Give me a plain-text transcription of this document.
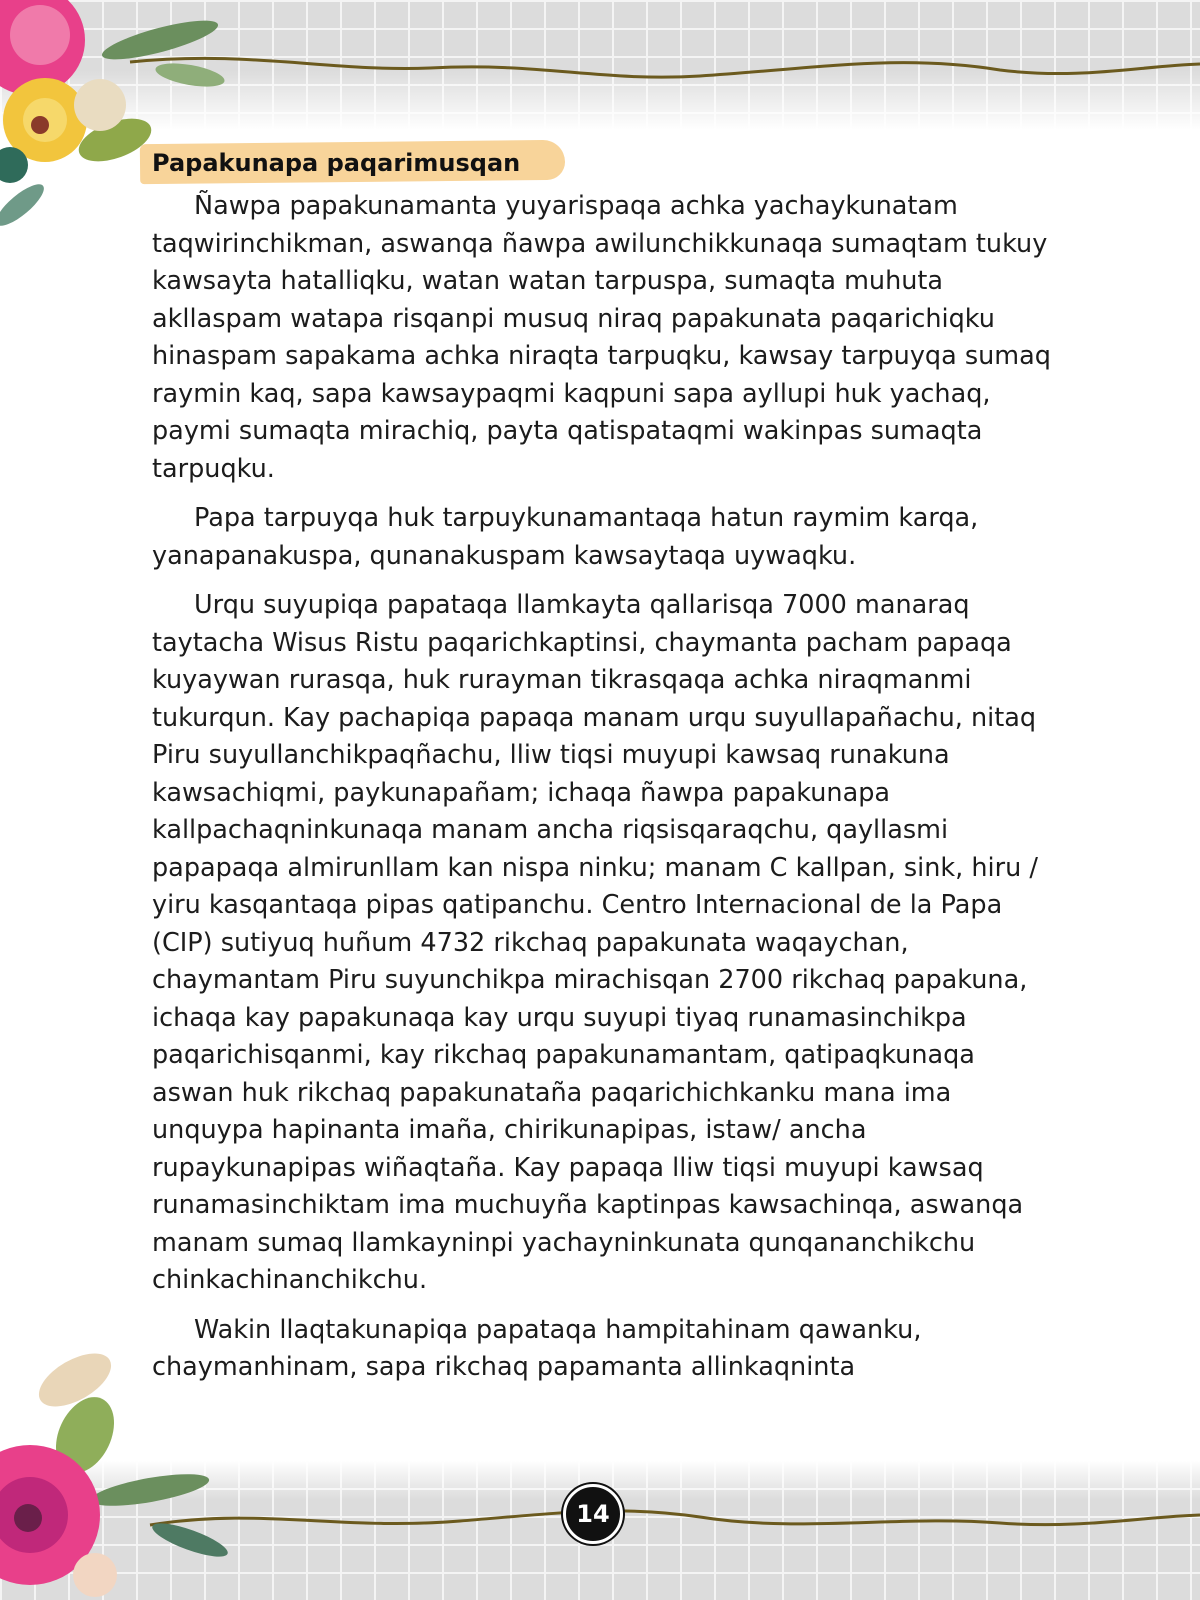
Papakunapa paqarimusqan

Ñawpa papakunamanta yuyarispaqa achka yachaykunatam taqwirinchikman, aswanqa ñawpa awilunchikkunaqa sumaqtam tukuy kawsayta hatalliqku, watan watan tarpuspa, sumaqta muhuta akllaspam watapa risqanpi musuq niraq papakunata paqarichiqku hinaspam sapakama achka niraqta tarpuqku, kawsay tarpuyqa sumaq raymin kaq, sapa kawsaypaqmi kaqpuni sapa ayllupi huk yachaq, paymi sumaqta mirachiq, payta qatispataqmi wakinpas sumaqta tarpuqku.

Papa tarpuyqa huk tarpuykunamantaqa hatun raymim karqa, yanapanakuspa, qunanakuspam kawsaytaqa uywaqku.

Urqu suyupiqa papataqa llamkayta qallarisqa 7000 manaraq taytacha Wisus Ristu paqarichkaptinsi, chaymanta pacham papaqa kuyaywan rurasqa, huk rurayman tikrasqaqa achka niraqmanmi tukurqun. Kay pachapiqa papaqa manam urqu suyullapañachu, nitaq Piru suyullanchikpaqñachu, lliw tiqsi muyupi kawsaq runakuna kawsachiqmi, paykunapañam; ichaqa ñawpa papakunapa kallpachaqninkunaqa manam ancha riqsisqaraqchu, qayllasmi papapaqa almirunllam kan nispa ninku; manam C kallpan, sink, hiru / yiru kasqantaqa pipas qatipanchu. Centro Internacional de la Papa (CIP) sutiyuq huñum 4732 rikchaq papakunata waqaychan, chaymantam Piru suyunchikpa mirachisqan 2700 rikchaq papakuna, ichaqa kay papakunaqa kay urqu suyupi tiyaq runamasinchikpa paqarichisqanmi, kay rikchaq papakunamantam, qatipaqkunaqa aswan huk rikchaq papakunataña paqarichichkanku mana ima unquypa hapinanta imaña, chirikunapipas, istaw/ ancha rupaykunapipas wiñaqtaña. Kay papaqa lliw tiqsi muyupi kawsaq runamasinchiktam ima muchuyña kaptinpas kawsachinqa, aswanqa manam sumaq llamkayninpi yachayninkunata qunqananchikchu chinkachinanchikchu.

Wakin llaqtakunapiqa papataqa hampitahinam qawanku, chaymanhinam, sapa rikchaq papamanta allinkaqninta

14
